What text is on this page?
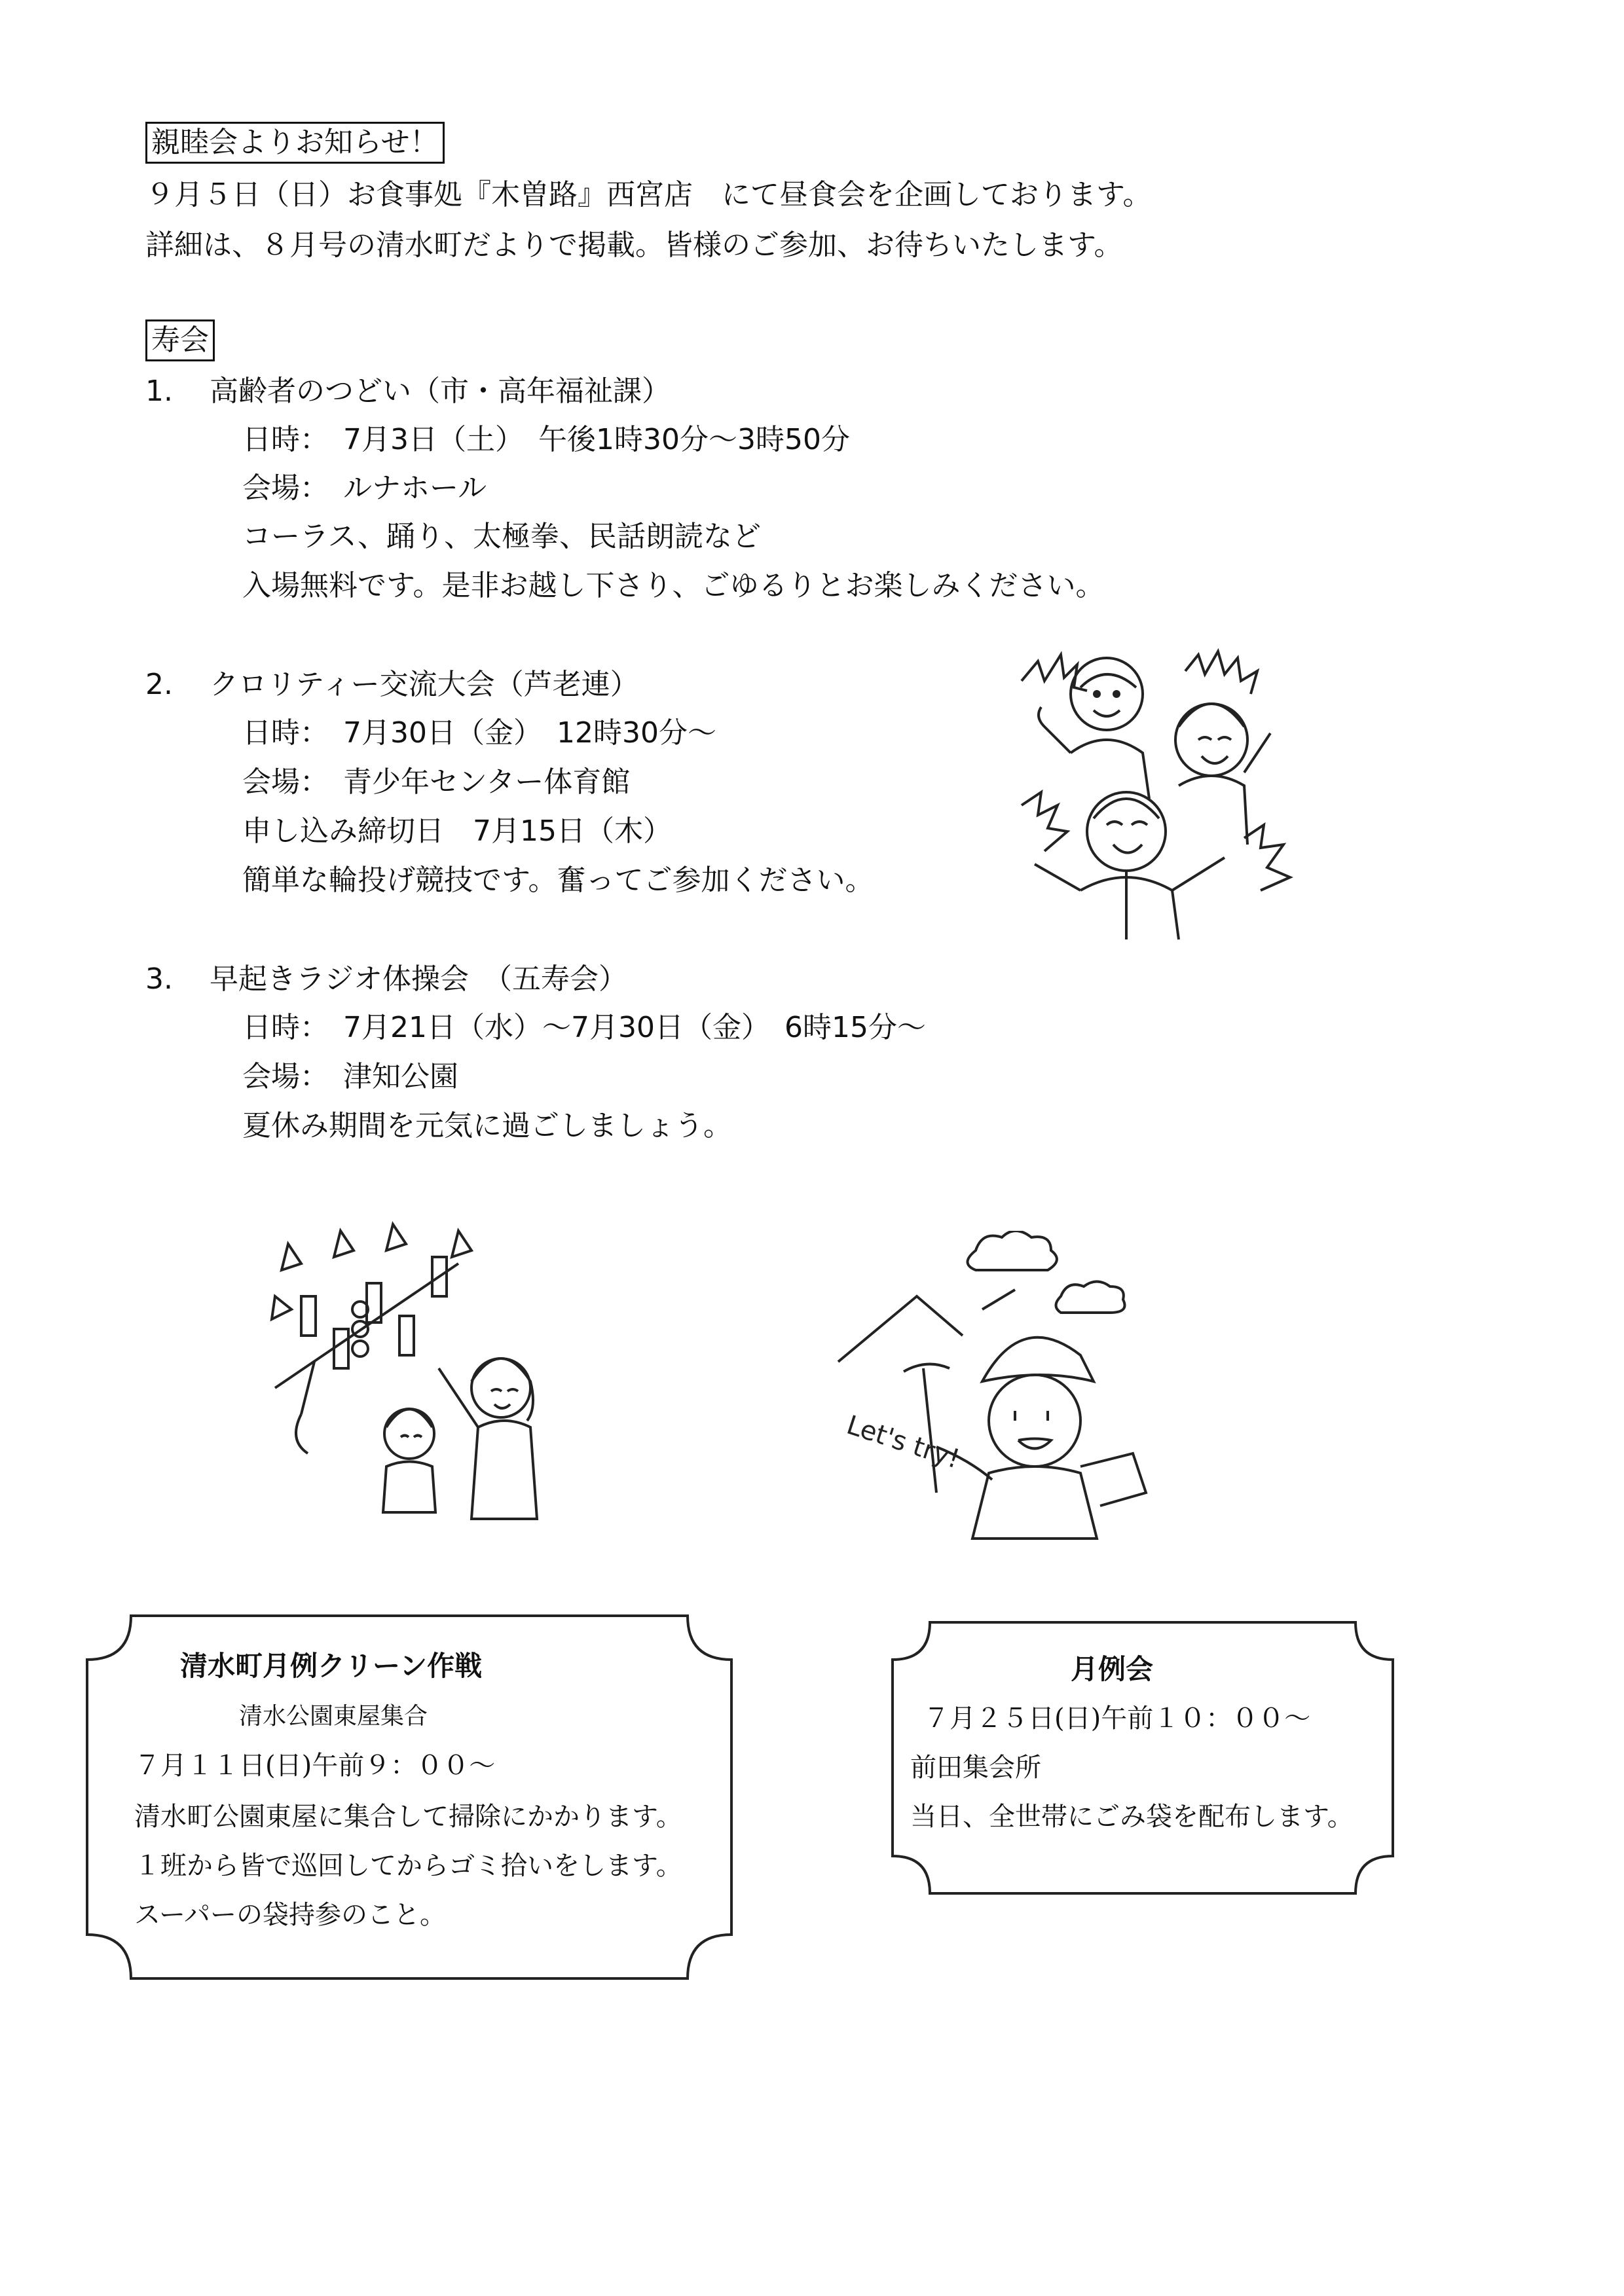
親睦会よりお知らせ！
９月５日（日）お食事処『木曽路』西宮店　にて昼食会を企画しております。
詳細は、８月号の清水町だよりで掲載。皆様のご参加、お待ちいたします。
寿会
1. 高齢者のつどい（市・高年福祉課）
日時：　7月3日（土）　午後1時30分～3時50分
会場：　ルナホール
コーラス、踊り、太極拳、民話朗読など
入場無料です。是非お越し下さり、ごゆるりとお楽しみください。
2. クロリティー交流大会（芦老連）
日時：　7月30日（金）　12時30分～
会場：　青少年センター体育館
申し込み締切日　7月15日（木）
簡単な輪投げ競技です。奮ってご参加ください。
3. 早起きラジオ体操会　（五寿会）
日時：　7月21日（水）～7月30日（金）　6時15分～
会場：　津知公園
夏休み期間を元気に過ごしましょう。
Let's try!
清水町月例クリーン作戦
清水公園東屋集合
７月１１日(日)午前９：００～
清水町公園東屋に集合して掃除にかかります。
１班から皆で巡回してからゴミ拾いをします。
スーパーの袋持参のこと。
月例会
７月２５日(日)午前１０：００～
前田集会所
当日、全世帯にごみ袋を配布します。
